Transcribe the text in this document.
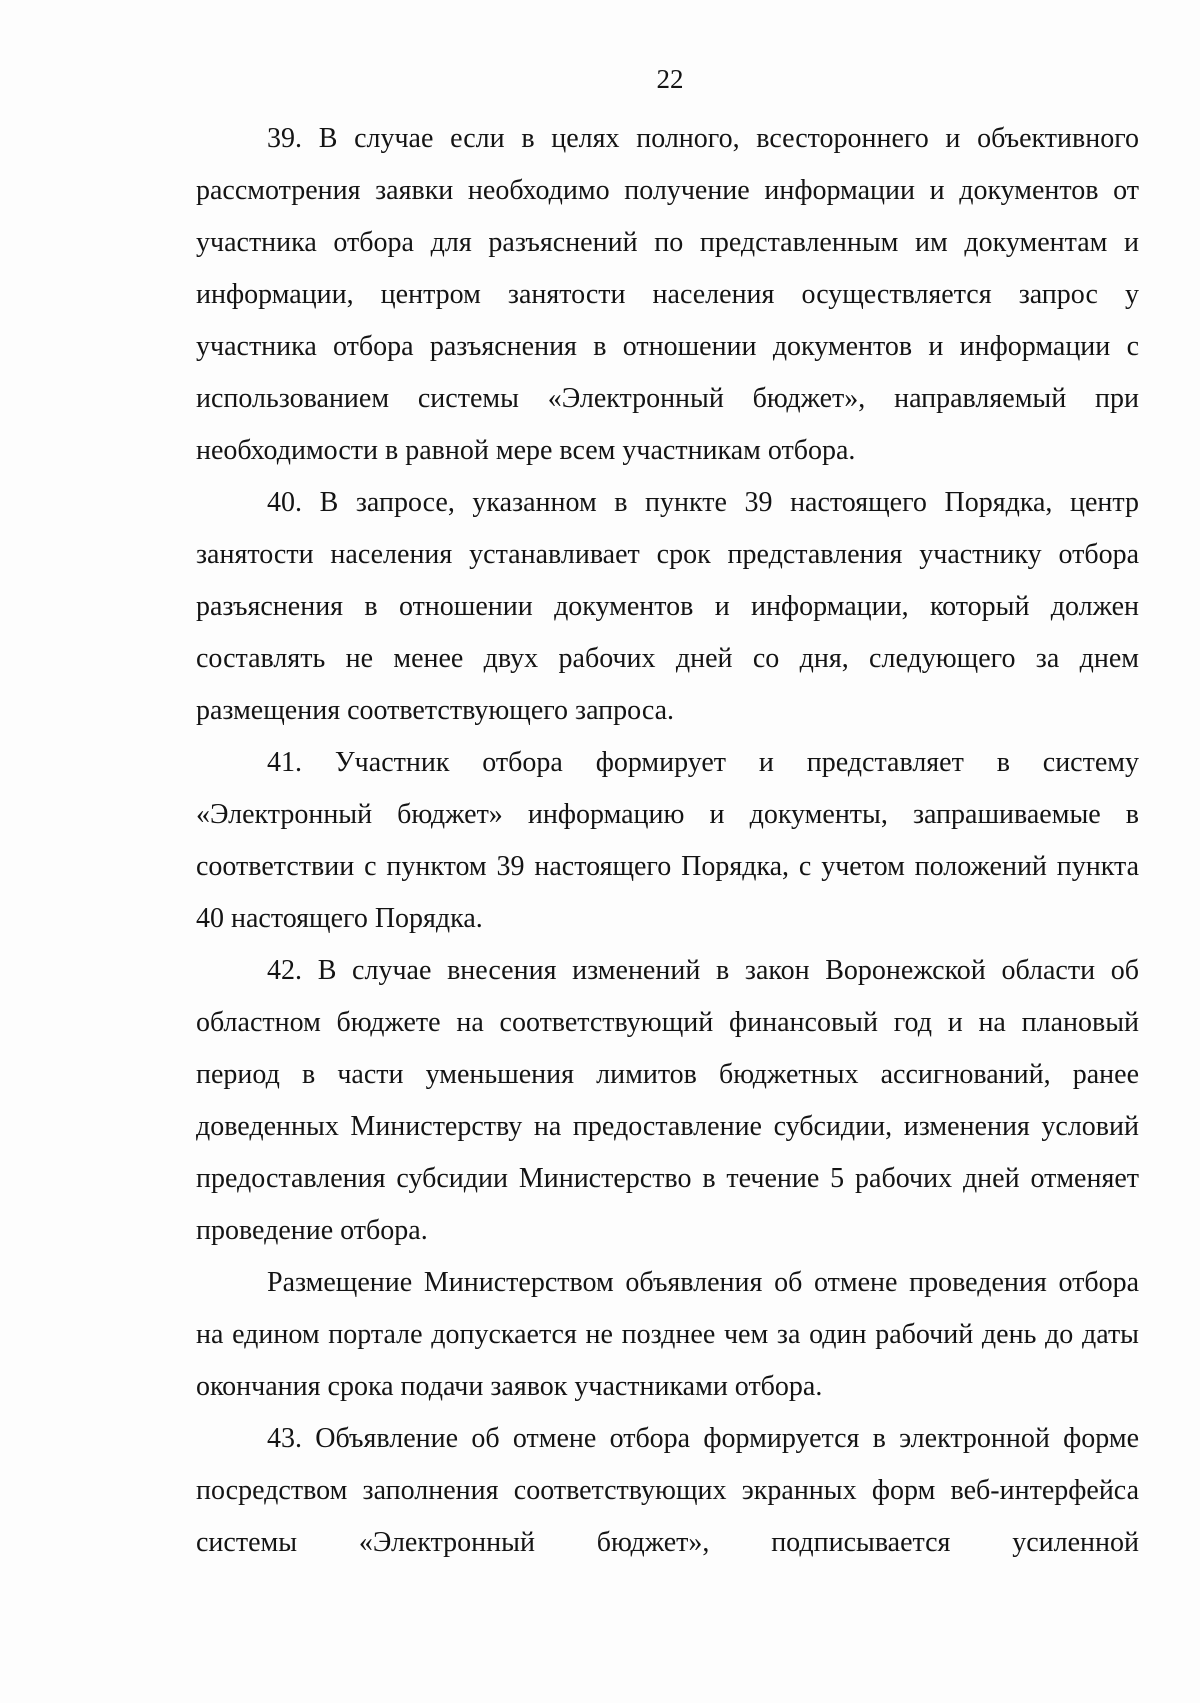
22

39. В случае если в целях полного, всестороннего и объективного рассмотрения заявки необходимо получение информации и документов от участника отбора для разъяснений по представленным им документам и информации, центром занятости населения осуществляется запрос у участника отбора разъяснения в отношении документов и информации с использованием системы «Электронный бюджет», направляемый при необходимости в равной мере всем участникам отбора.

40. В запросе, указанном в пункте 39 настоящего Порядка, центр занятости населения устанавливает срок представления участнику отбора разъяснения в отношении документов и информации, который должен составлять не менее двух рабочих дней со дня, следующего за днем размещения соответствующего запроса.

41. Участник отбора формирует и представляет в систему «Электронный бюджет» информацию и документы, запрашиваемые в соответствии с пунктом 39 настоящего Порядка, с учетом положений пункта 40 настоящего Порядка.

42. В случае внесения изменений в закон Воронежской области об областном бюджете на соответствующий финансовый год и на плановый период в части уменьшения лимитов бюджетных ассигнований, ранее доведенных Министерству на предоставление субсидии, изменения условий предоставления субсидии Министерство в течение 5 рабочих дней отменяет проведение отбора.

Размещение Министерством объявления об отмене проведения отбора на едином портале допускается не позднее чем за один рабочий день до даты окончания срока подачи заявок участниками отбора.

43. Объявление об отмене отбора формируется в электронной форме посредством заполнения соответствующих экранных форм веб-интерфейса системы «Электронный бюджет», подписывается усиленной
